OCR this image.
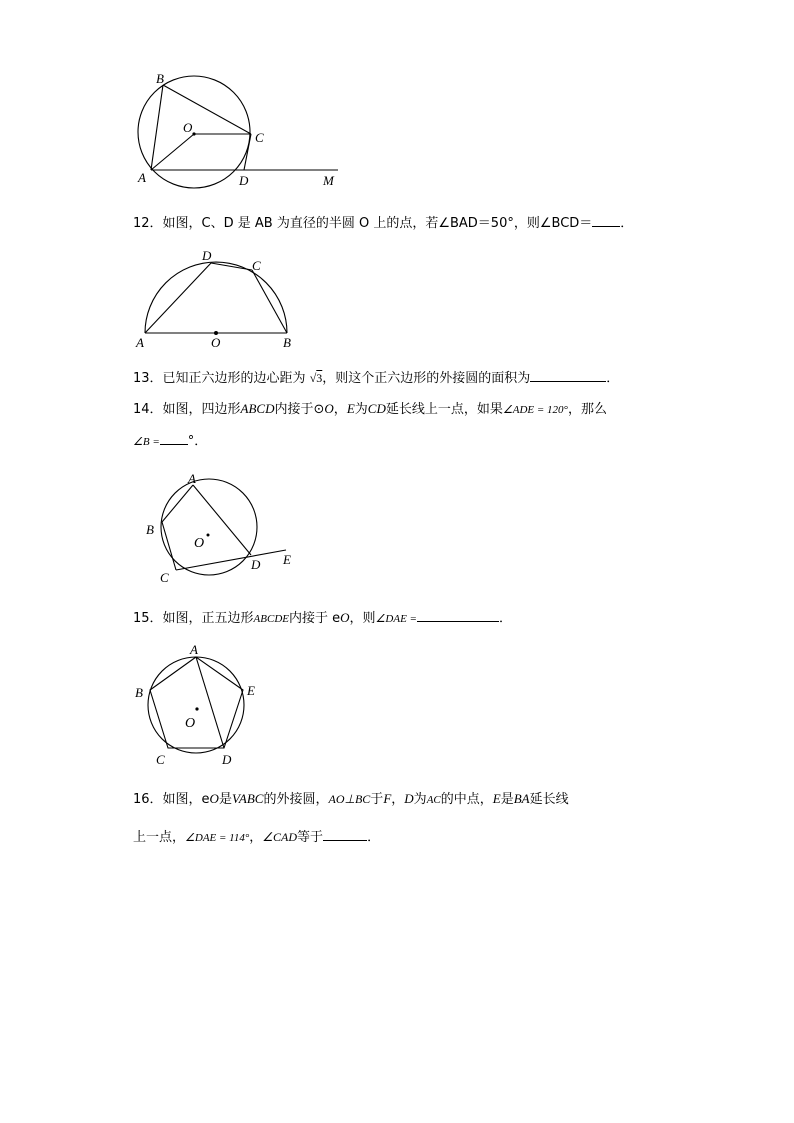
B
O
C
A	D	M
12．如图，C、D 是 AB 为直径的半圆 O 上的点，若∠BAD＝50°，则∠BCD＝ ．
D
C
A	O	B
13．已知正六边形的边心距为 √3，则这个正六边形的外接圆的面积为	．
14．如图，四边形ABCD内接于⊙O，E为CD延长线上一点，如果∠ADE = 120°，那么
∠B = °．
A
B
O
C
D E
15．如图，正五边形ABCDE内接于 eO，则∠DAE =	．
A
B	E
O
C	D
16．如图，eO是VABC的外接圆，AO⊥BC于F，D为AC的中点，E是BA延长线
上一点，∠DAE = 114°，∠CAD等于	．
